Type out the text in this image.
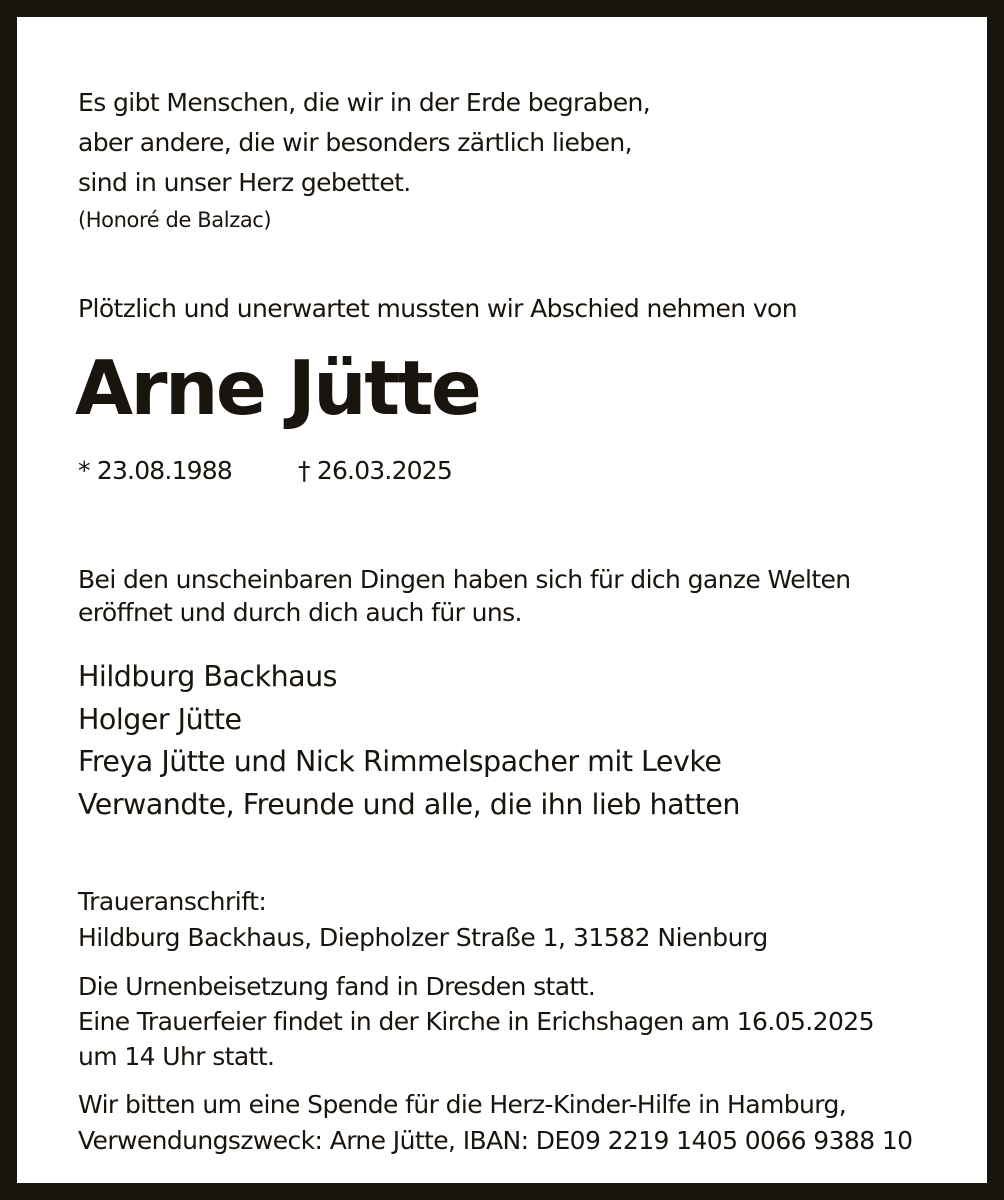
Es gibt Menschen, die wir in der Erde begraben,
aber andere, die wir besonders zärtlich lieben,
sind in unser Herz gebettet.
(Honoré de Balzac)

Plötzlich und unerwartet mussten wir Abschied nehmen von

Arne Jütte
* 23.08.1988	† 26.03.2025
Bei den unscheinbaren Dingen haben sich für dich ganze Welten
eröffnet und durch dich auch für uns.
Hildburg Backhaus
Holger Jütte
Freya Jütte und Nick Rimmelspacher mit Levke
Verwandte, Freunde und alle, die ihn lieb hatten
Traueranschrift:
Hildburg Backhaus, Diepholzer Straße 1, 31582 Nienburg
Die Urnenbeisetzung fand in Dresden statt.
Eine Trauerfeier findet in der Kirche in Erichshagen am 16.05.2025
um 14 Uhr statt.
Wir bitten um eine Spende für die Herz-Kinder-Hilfe in Hamburg,
Verwendungszweck: Arne Jütte, IBAN: DE09 2219 1405 0066 9388 10
